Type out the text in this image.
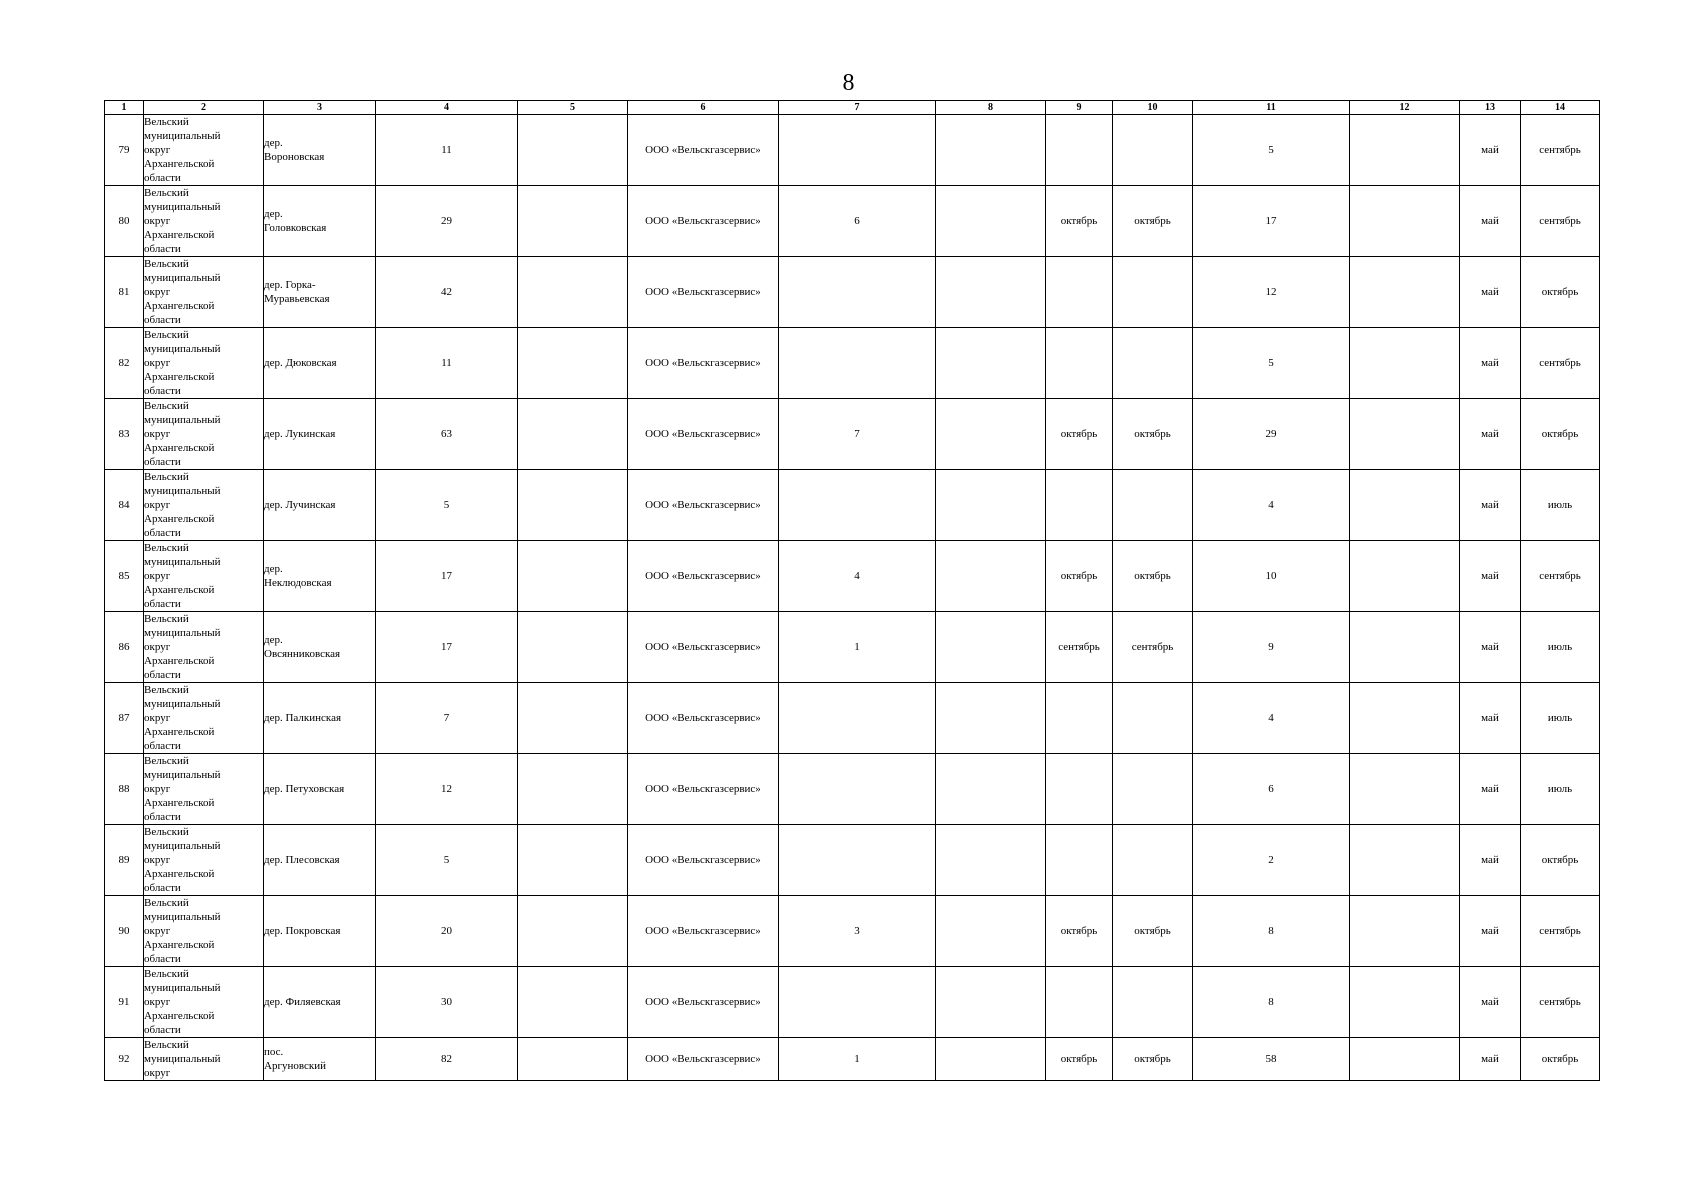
8
1	2	3	4	5	6	7	8	9	10	11	12	13	14
79	Вельский
муниципальный
округ
Архангельской
области	дер.
Вороновская	11		ООО «Вельскгазсервис»					5		май	сентябрь
80	Вельский
муниципальный
округ
Архангельской
области	дер.
Головковская	29		ООО «Вельскгазсервис»	6		октябрь	октябрь	17		май	сентябрь
81	Вельский
муниципальный
округ
Архангельской
области	дер. Горка-
Муравьевская	42		ООО «Вельскгазсервис»					12		май	октябрь
82	Вельский
муниципальный
округ
Архангельской
области	дер. Дюковская	11		ООО «Вельскгазсервис»					5		май	сентябрь
83	Вельский
муниципальный
округ
Архангельской
области	дер. Лукинская	63		ООО «Вельскгазсервис»	7		октябрь	октябрь	29		май	октябрь
84	Вельский
муниципальный
округ
Архангельской
области	дер. Лучинская	5		ООО «Вельскгазсервис»					4		май	июль
85	Вельский
муниципальный
округ
Архангельской
области	дер.
Неклюдовская	17		ООО «Вельскгазсервис»	4		октябрь	октябрь	10		май	сентябрь
86	Вельский
муниципальный
округ
Архангельской
области	дер.
Овсянниковская	17		ООО «Вельскгазсервис»	1		сентябрь	сентябрь	9		май	июль
87	Вельский
муниципальный
округ
Архангельской
области	дер. Палкинская	7		ООО «Вельскгазсервис»					4		май	июль
88	Вельский
муниципальный
округ
Архангельской
области	дер. Петуховская	12		ООО «Вельскгазсервис»					6		май	июль
89	Вельский
муниципальный
округ
Архангельской
области	дер. Плесовская	5		ООО «Вельскгазсервис»					2		май	октябрь
90	Вельский
муниципальный
округ
Архангельской
области	дер. Покровская	20		ООО «Вельскгазсервис»	3		октябрь	октябрь	8		май	сентябрь
91	Вельский
муниципальный
округ
Архангельской
области	дер. Филяевская	30		ООО «Вельскгазсервис»					8		май	сентябрь
92	Вельский
муниципальный
округ	пос.
Аргуновский	82		ООО «Вельскгазсервис»	1		октябрь	октябрь	58		май	октябрь
